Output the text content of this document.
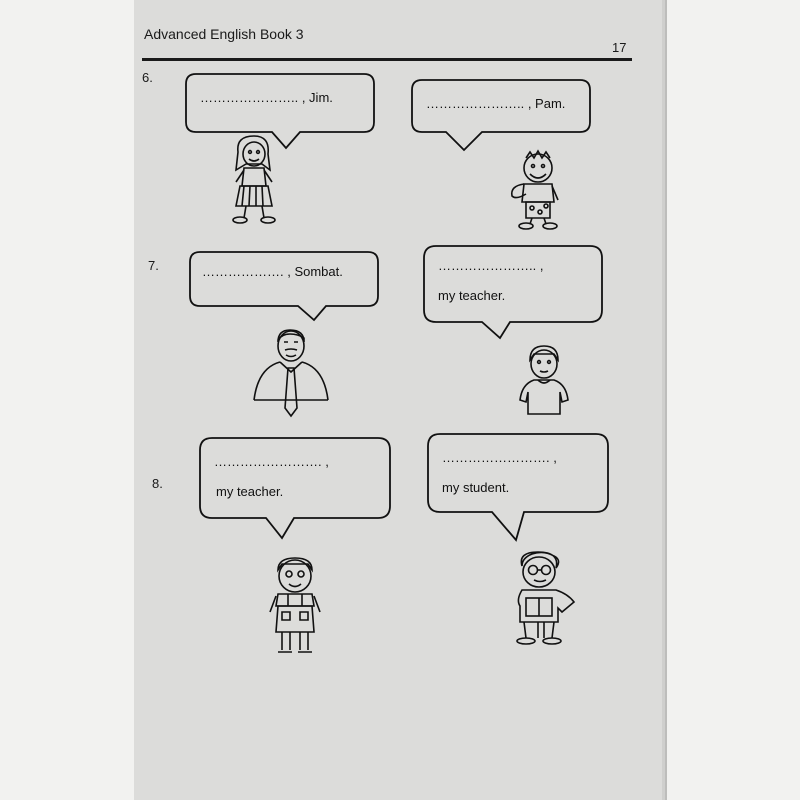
Advanced English Book 3
17
6.
7.
8.
………………….. , Jim.	………………….. , Pam.
………………. , Sombat.	………………….. ,
my teacher.
……………………. ,
my teacher.
……………………. ,
my student.
